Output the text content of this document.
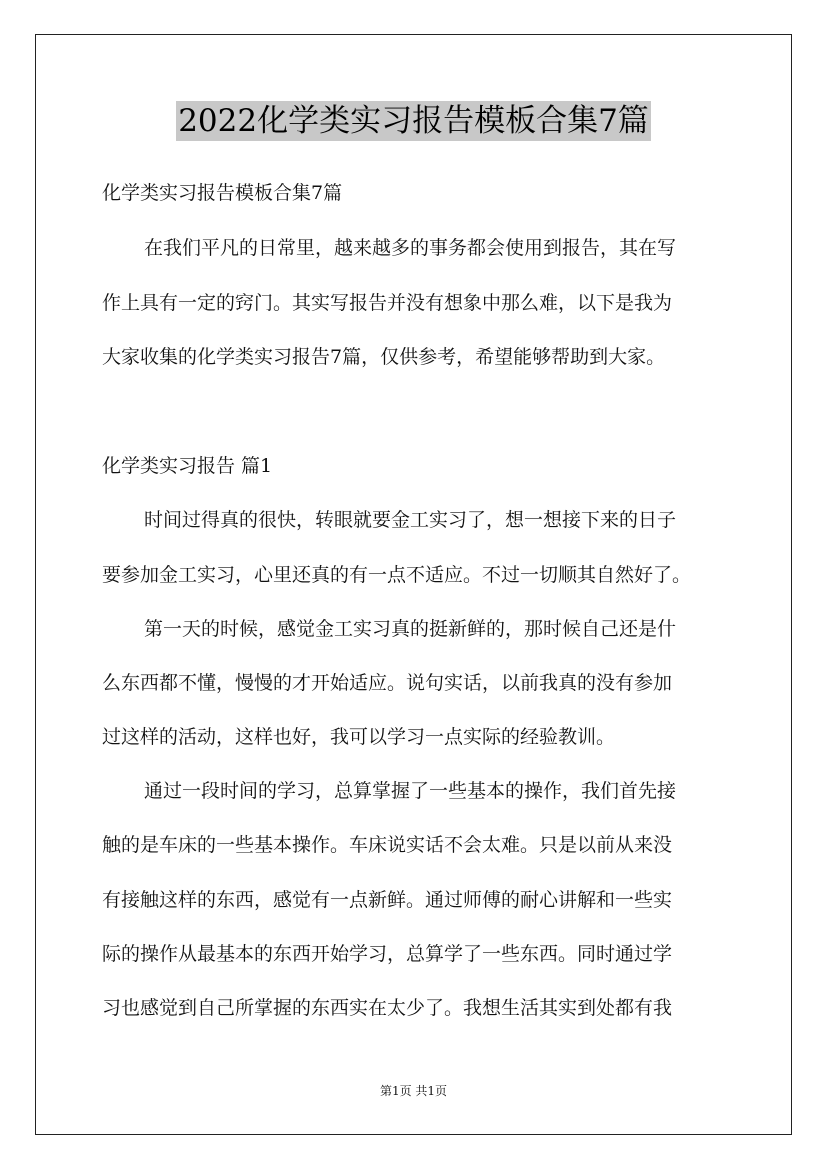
2022化学类实习报告模板合集7篇
化学类实习报告模板合集7篇
在我们平凡的日常里，越来越多的事务都会使用到报告，其在写
作上具有一定的窍门。其实写报告并没有想象中那么难，以下是我为
大家收集的化学类实习报告7篇，仅供参考，希望能够帮助到大家。
化学类实习报告 篇1
时间过得真的很快，转眼就要金工实习了，想一想接下来的日子
要参加金工实习，心里还真的有一点不适应。不过一切顺其自然好了。
第一天的时候，感觉金工实习真的挺新鲜的，那时候自己还是什
么东西都不懂，慢慢的才开始适应。说句实话，以前我真的没有参加
过这样的活动，这样也好，我可以学习一点实际的经验教训。
通过一段时间的学习，总算掌握了一些基本的操作，我们首先接
触的是车床的一些基本操作。车床说实话不会太难。只是以前从来没
有接触这样的东西，感觉有一点新鲜。通过师傅的耐心讲解和一些实
际的操作从最基本的东西开始学习，总算学了一些东西。同时通过学
习也感觉到自己所掌握的东西实在太少了。我想生活其实到处都有我
第1页 共1页
